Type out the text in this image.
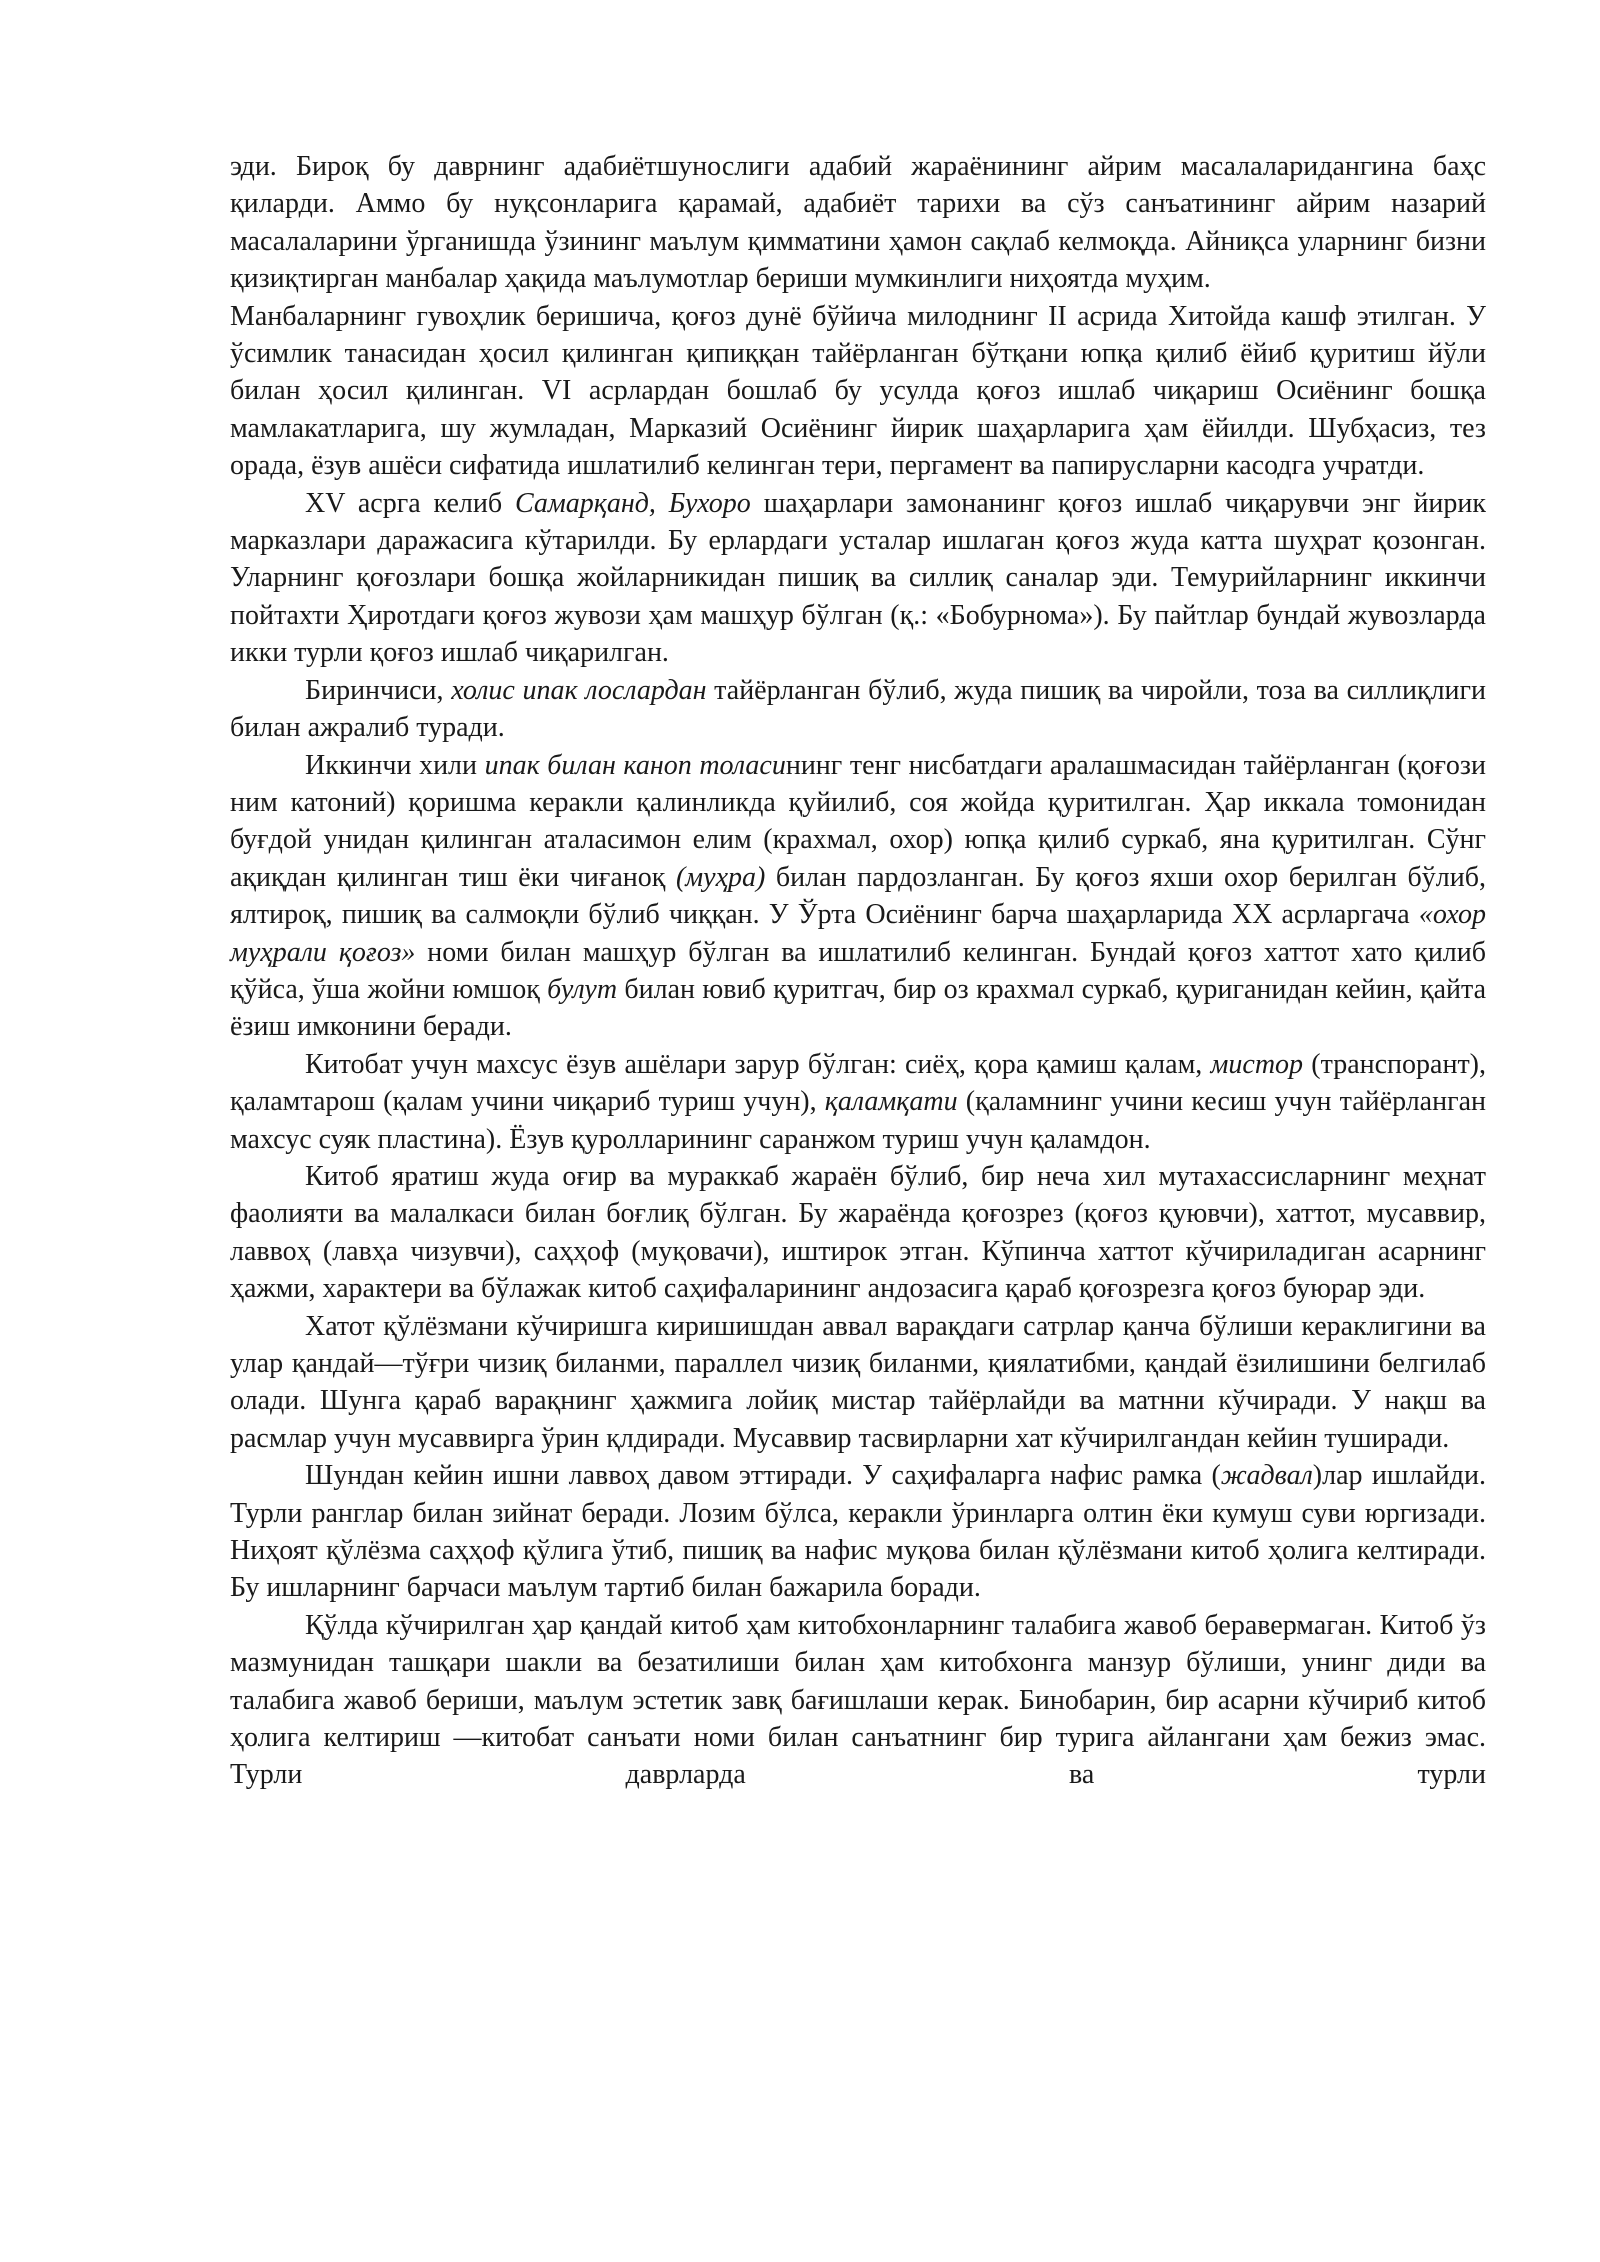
эди. Бироқ бу даврнинг адабиётшунослиги адабий жараёнининг айрим масалаларидангина баҳс қиларди. Аммо бу нуқсонларига қарамай, адабиёт тарихи ва сўз санъатининг айрим назарий масалаларини ўрганишда ўзининг маълум қимматини ҳамон сақлаб келмоқда. Айниқса уларнинг бизни қизиқтирган манбалар ҳақида маълумотлар бериши мумкинлиги ниҳоятда муҳим.

Манбаларнинг гувоҳлик беришича, қоғоз дунё бўйича милоднинг II асрида Хитойда кашф этилган. У ўсимлик танасидан ҳосил қилинган қипиққан тайёрланган бўтқани юпқа қилиб ёйиб қуритиш йўли билан ҳосил қилинган. VI асрлардан бошлаб бу усулда қоғоз ишлаб чиқариш Осиёнинг бошқа мамлакатларига, шу жумладан, Марказий Осиёнинг йирик шаҳарларига ҳам ёйилди. Шубҳасиз, тез орада, ёзув ашёси сифатида ишлатилиб келинган тери, пергамент ва папирусларни касодга учратди.

XV асрга келиб Самарқанд, Бухоро шаҳарлари замонанинг қоғоз ишлаб чиқарувчи энг йирик марказлари даражасига кўтарилди. Бу ерлардаги усталар ишлаган қоғоз жуда катта шуҳрат қозонган. Уларнинг қоғозлари бошқа жойларникидан пишиқ ва силлиқ саналар эди. Темурийларнинг иккинчи пойтахти Ҳиротдаги қоғоз жувози ҳам машҳур бўлган (қ.: «Бобурнома»). Бу пайтлар бундай жувозларда икки турли қоғоз ишлаб чиқарилган.

Биринчиси, холис ипак лослардан тайёрланган бўлиб, жуда пишиқ ва чиройли, тоза ва силлиқлиги билан ажралиб туради.

Иккинчи хили ипак билан каноп толасининг тенг нисбатдаги аралашмасидан тайёрланган (қоғози ним катоний) қоришма керакли қалинликда қуйилиб, соя жойда қуритилган. Ҳар иккала томонидан буғдой унидан қилинган аталасимон елим (крахмал, охор) юпқа қилиб суркаб, яна қуритилган. Сўнг ақиқдан қилинган тиш ёки чиғаноқ (муҳра) билан пардозланган. Бу қоғоз яхши охор берилган бўлиб, ялтироқ, пишиқ ва салмоқли бўлиб чиққан. У Ўрта Осиёнинг барча шаҳарларида XX асрларгача «охор муҳрали қоғоз» номи билан машҳур бўлган ва ишлатилиб келинган. Бундай қоғоз хаттот хато қилиб қўйса, ўша жойни юмшоқ булут билан ювиб қуритгач, бир оз крахмал суркаб, қуриганидан кейин, қайта ёзиш имконини беради.

Китобат учун махсус ёзув ашёлари зарур бўлган: сиёҳ, қора қамиш қалам, мистор (транспорант), қаламтарош (қалам учини чиқариб туриш учун), қаламқати (қаламнинг учини кесиш учун тайёрланган махсус суяк пластина). Ёзув қуролларининг саранжом туриш учун қаламдон.

Китоб яратиш жуда оғир ва мураккаб жараён бўлиб, бир неча хил мутахассисларнинг меҳнат фаолияти ва малалкаси билан боғлиқ бўлган. Бу жараёнда қоғозрез (қоғоз қуювчи), хаттот, мусаввир, лаввоҳ (лавҳа чизувчи), саҳҳоф (муқовачи), иштирок этган. Кўпинча хаттот кўчириладиган асарнинг ҳажми, характери ва бўлажак китоб саҳифаларининг андозасига қараб қоғозрезга қоғоз буюрар эди.

Хатот қўлёзмани кўчиришга киришишдан аввал варақдаги сатрлар қанча бўлиши кераклигини ва улар қандай—тўғри чизиқ биланми, параллел чизиқ биланми, қиялатибми, қандай ёзилишини белгилаб олади. Шунга қараб варақнинг ҳажмига лойиқ мистар тайёрлайди ва матнни кўчиради. У нақш ва расмлар учун мусаввирга ўрин қлдиради. Мусаввир тасвирларни хат кўчирилгандан кейин туширади.

Шундан кейин ишни лаввоҳ давом эттиради. У саҳифаларга нафис рамка (жадвал)лар ишлайди. Турли ранглар билан зийнат беради. Лозим бўлса, керакли ўринларга олтин ёки кумуш суви юргизади. Ниҳоят қўлёзма саҳҳоф қўлига ўтиб, пишиқ ва нафис муқова билан қўлёзмани китоб ҳолига келтиради. Бу ишларнинг барчаси маълум тартиб билан бажарила боради.

Қўлда кўчирилган ҳар қандай китоб ҳам китобхонларнинг талабига жавоб беравермаган. Китоб ўз мазмунидан ташқари шакли ва безатилиши билан ҳам китобхонга манзур бўлиши, унинг диди ва талабига жавоб бериши, маълум эстетик завқ бағишлаши керак. Бинобарин, бир асарни кўчириб китоб ҳолига келтириш —китобат санъати номи билан санъатнинг бир турига айлангани ҳам бежиз эмас. Турли даврларда ва турли
